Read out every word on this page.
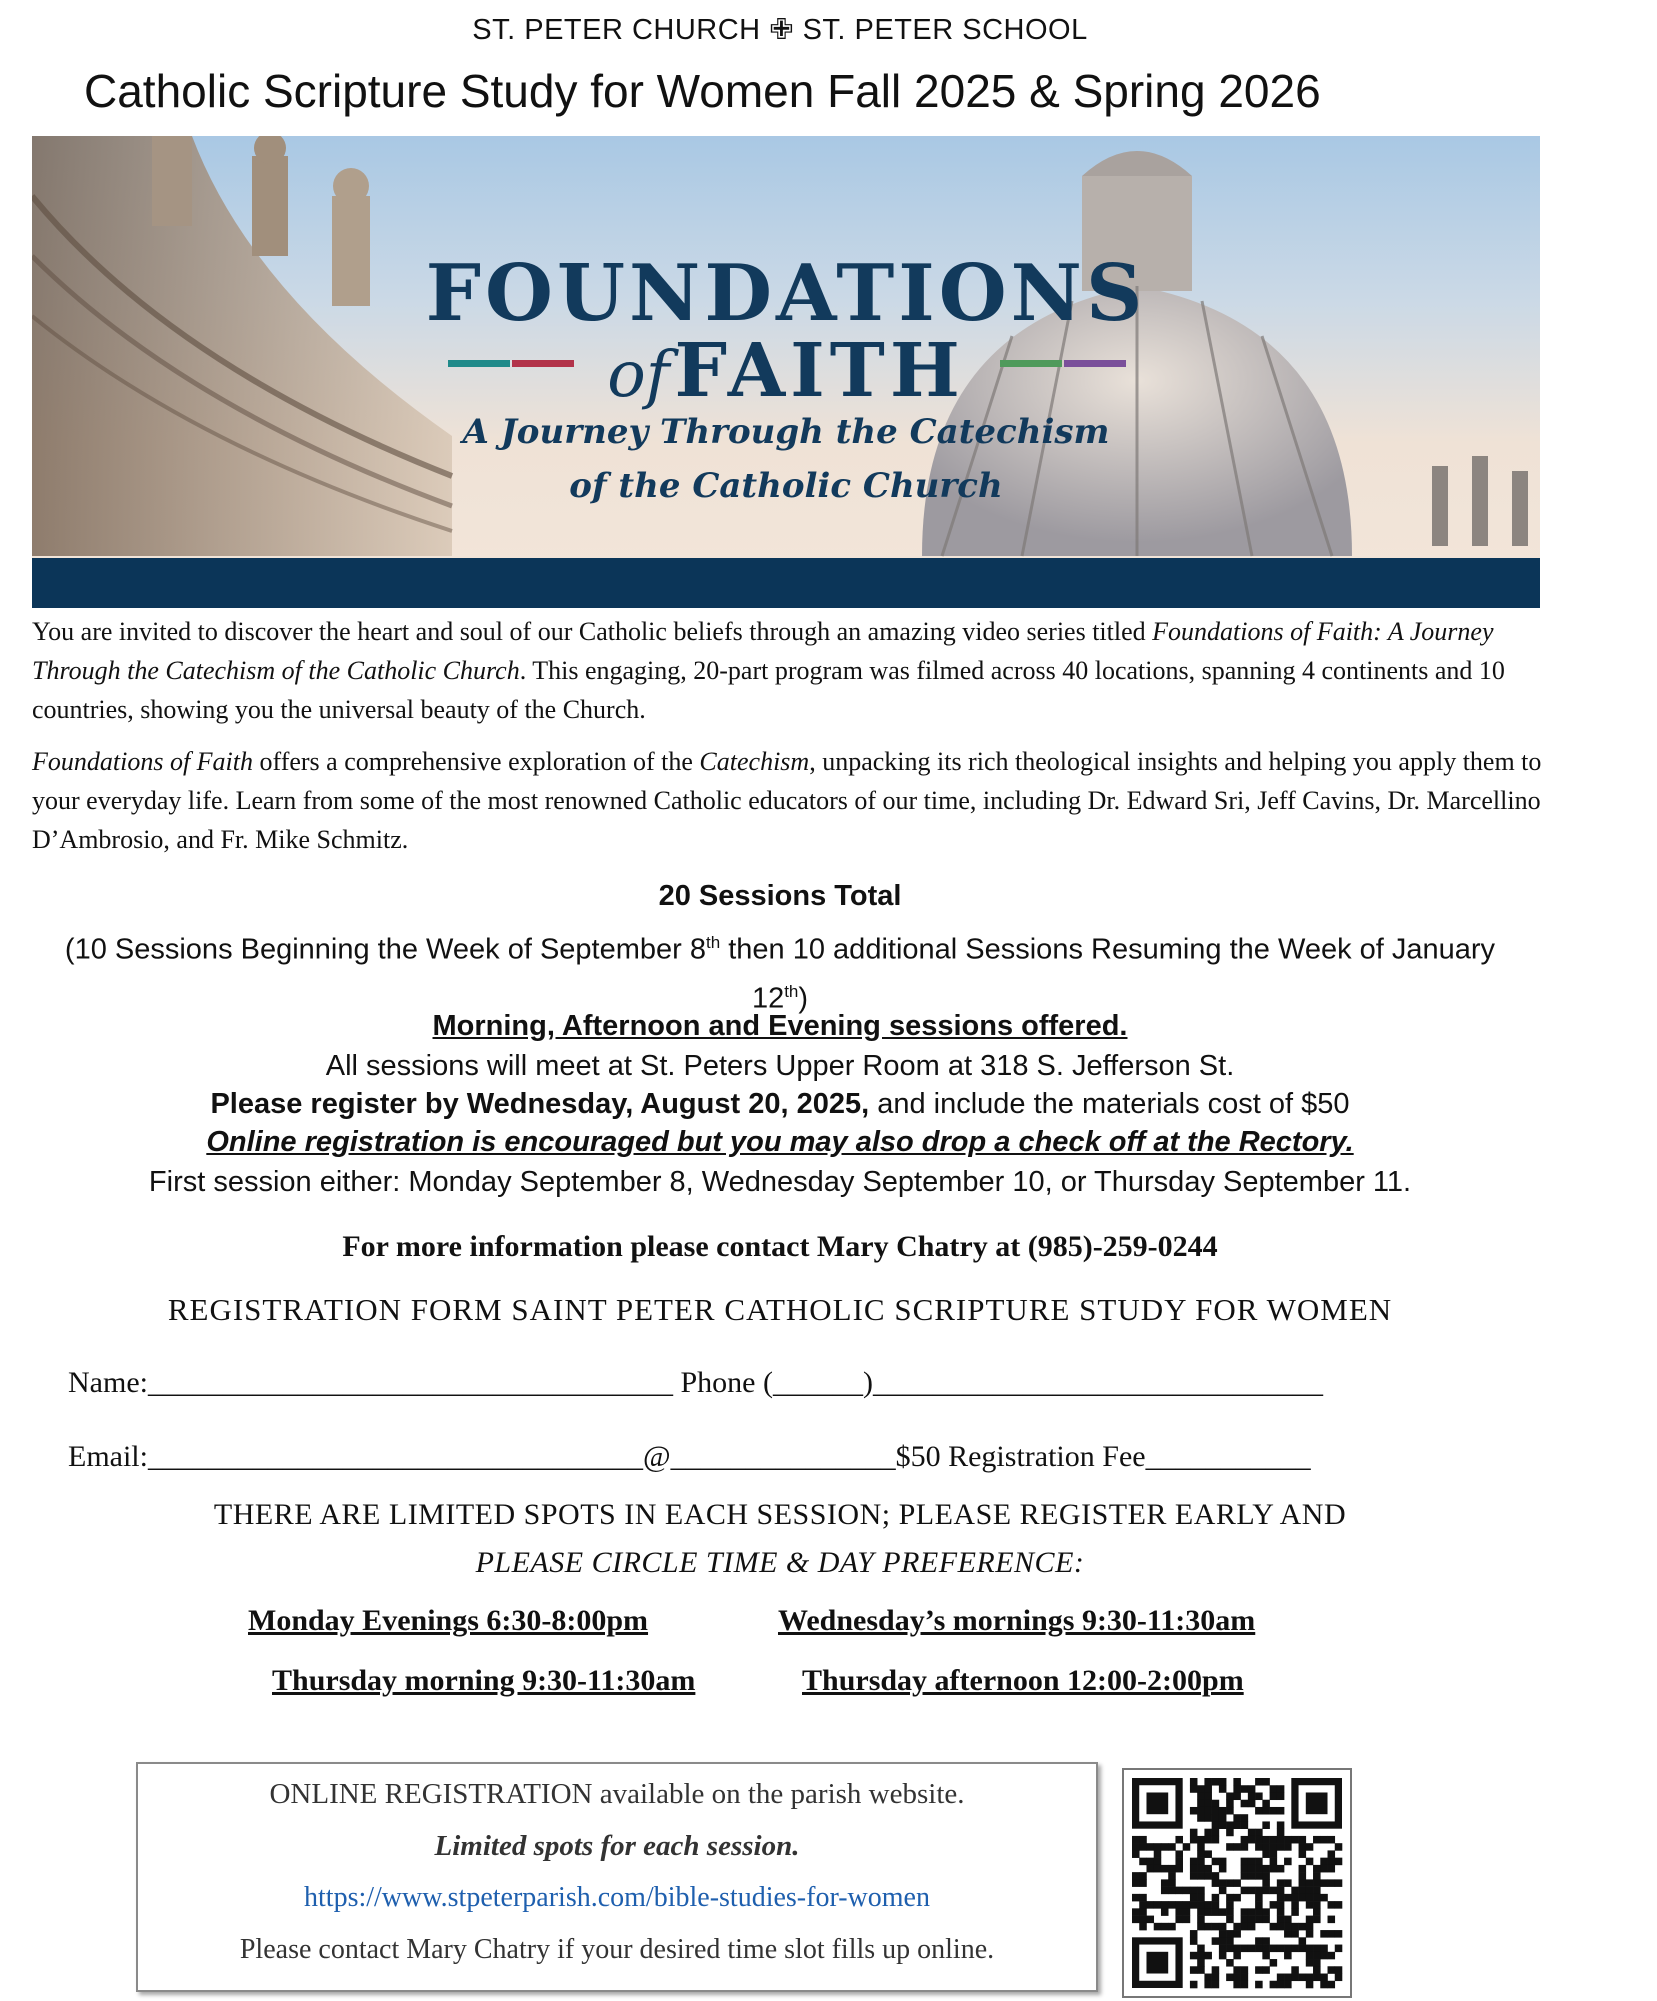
ST. PETER CHURCH ✙ ST. PETER SCHOOL
Catholic Scripture Study for Women Fall 2025 & Spring 2026
FOUNDATIONS
of FAITH
A Journey Through the Catechism
of the Catholic Church
You are invited to discover the heart and soul of our Catholic beliefs through an amazing video series titled Foundations of Faith: A Journey Through the Catechism of the Catholic Church. This engaging, 20-part program was filmed across 40 locations, spanning 4 continents and 10 countries, showing you the universal beauty of the Church.
Foundations of Faith offers a comprehensive exploration of the Catechism, unpacking its rich theological insights and helping you apply them to your everyday life. Learn from some of the most renowned Catholic educators of our time, including Dr. Edward Sri, Jeff Cavins, Dr. Marcellino D’Ambrosio, and Fr. Mike Schmitz.
20 Sessions Total
(10 Sessions Beginning the Week of September 8th then 10 additional Sessions Resuming the Week of January 12th)
Morning, Afternoon and Evening sessions offered.
All sessions will meet at St. Peters Upper Room at 318 S. Jefferson St.
Please register by Wednesday, August 20, 2025, and include the materials cost of $50
Online registration is encouraged but you may also drop a check off at the Rectory.
First session either: Monday September 8, Wednesday September 10, or Thursday September 11.
For more information please contact Mary Chatry at (985)-259-0244
REGISTRATION FORM SAINT PETER CATHOLIC SCRIPTURE STUDY FOR WOMEN
Name:___________________________________ Phone (______)______________________________
Email:_________________________________@_______________$50 Registration Fee___________
THERE ARE LIMITED SPOTS IN EACH SESSION; PLEASE REGISTER EARLY AND
PLEASE CIRCLE TIME & DAY PREFERENCE:
Monday Evenings 6:30-8:00pm	Wednesday’s mornings 9:30-11:30am
Thursday morning 9:30-11:30am	Thursday afternoon 12:00-2:00pm
ONLINE REGISTRATION available on the parish website.
Limited spots for each session.
https://www.stpeterparish.com/bible-studies-for-women
Please contact Mary Chatry if your desired time slot fills up online.
